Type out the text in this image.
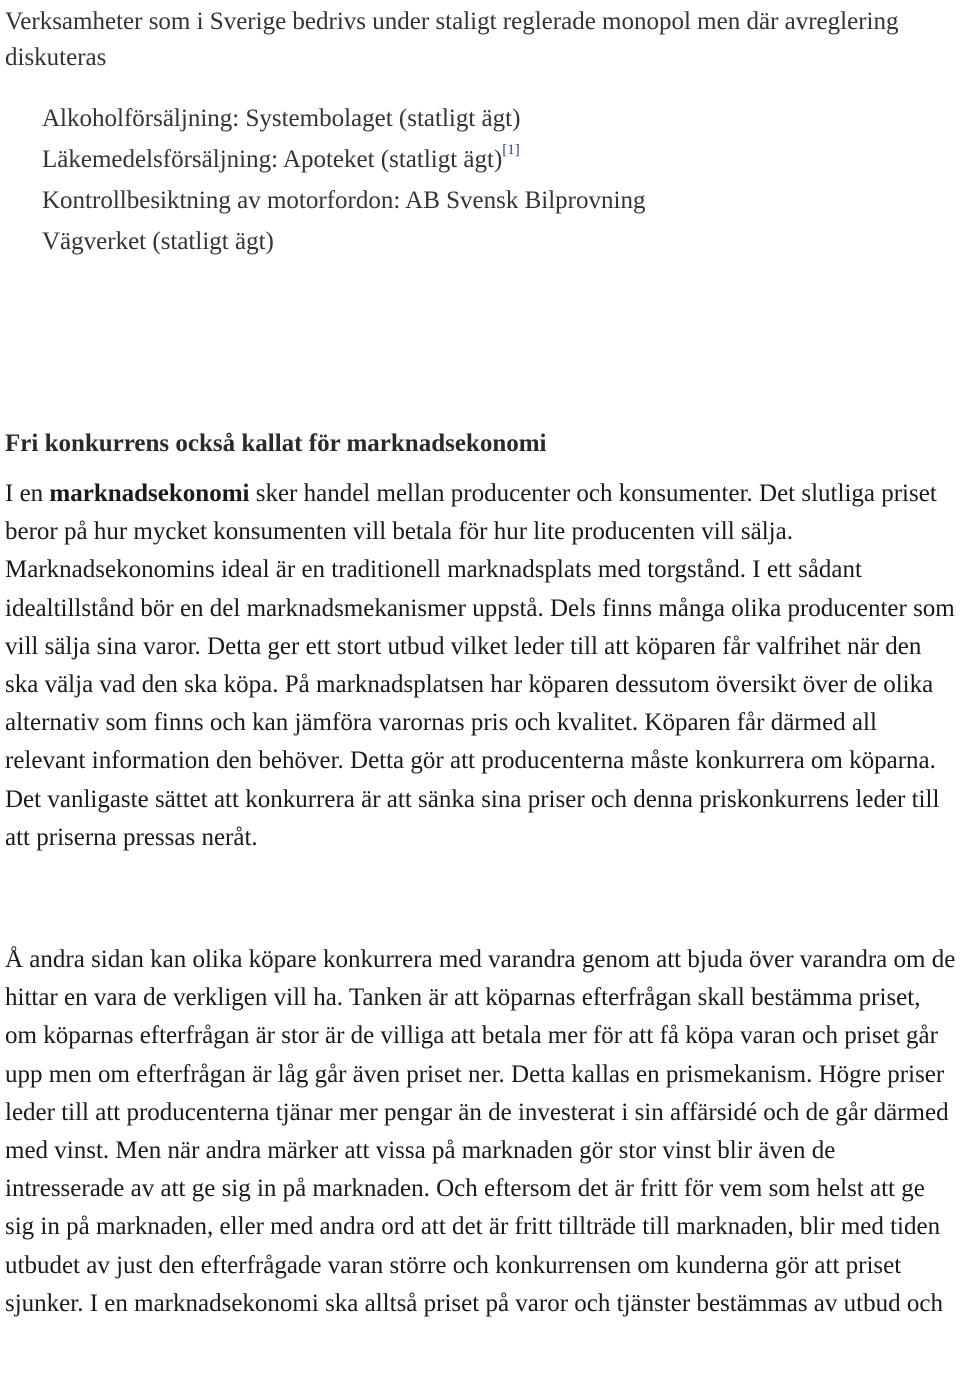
Verksamheter som i Sverige bedrivs under staligt reglerade monopol men där avreglering diskuteras

Alkoholförsäljning: Systembolaget (statligt ägt)
Läkemedelsförsäljning: Apoteket (statligt ägt)[1]
Kontrollbesiktning av motorfordon: AB Svensk Bilprovning
Vägverket (statligt ägt)
Fri konkurrens också kallat för marknadsekonomi

I en marknadsekonomi sker handel mellan producenter och konsumenter. Det slutliga priset beror på hur mycket konsumenten vill betala för hur lite producenten vill sälja. Marknadsekonomins ideal är en traditionell marknadsplats med torgstånd. I ett sådant idealtillstånd bör en del marknadsmekanismer uppstå. Dels finns många olika producenter som vill sälja sina varor. Detta ger ett stort utbud vilket leder till att köparen får valfrihet när den ska välja vad den ska köpa. På marknadsplatsen har köparen dessutom översikt över de olika alternativ som finns och kan jämföra varornas pris och kvalitet. Köparen får därmed all relevant information den behöver. Detta gör att producenterna måste konkurrera om köparna. Det vanligaste sättet att konkurrera är att sänka sina priser och denna priskonkurrens leder till att priserna pressas neråt.

Å andra sidan kan olika köpare konkurrera med varandra genom att bjuda över varandra om de hittar en vara de verkligen vill ha. Tanken är att köparnas efterfrågan skall bestämma priset, om köparnas efterfrågan är stor är de villiga att betala mer för att få köpa varan och priset går upp men om efterfrågan är låg går även priset ner. Detta kallas en prismekanism. Högre priser leder till att producenterna tjänar mer pengar än de investerat i sin affärsidé och de går därmed med vinst. Men när andra märker att vissa på marknaden gör stor vinst blir även de intresserade av att ge sig in på marknaden. Och eftersom det är fritt för vem som helst att ge sig in på marknaden, eller med andra ord att det är fritt tillträde till marknaden, blir med tiden utbudet av just den efterfrågade varan större och konkurrensen om kunderna gör att priset sjunker. I en marknadsekonomi ska alltså priset på varor och tjänster bestämmas av utbud och
